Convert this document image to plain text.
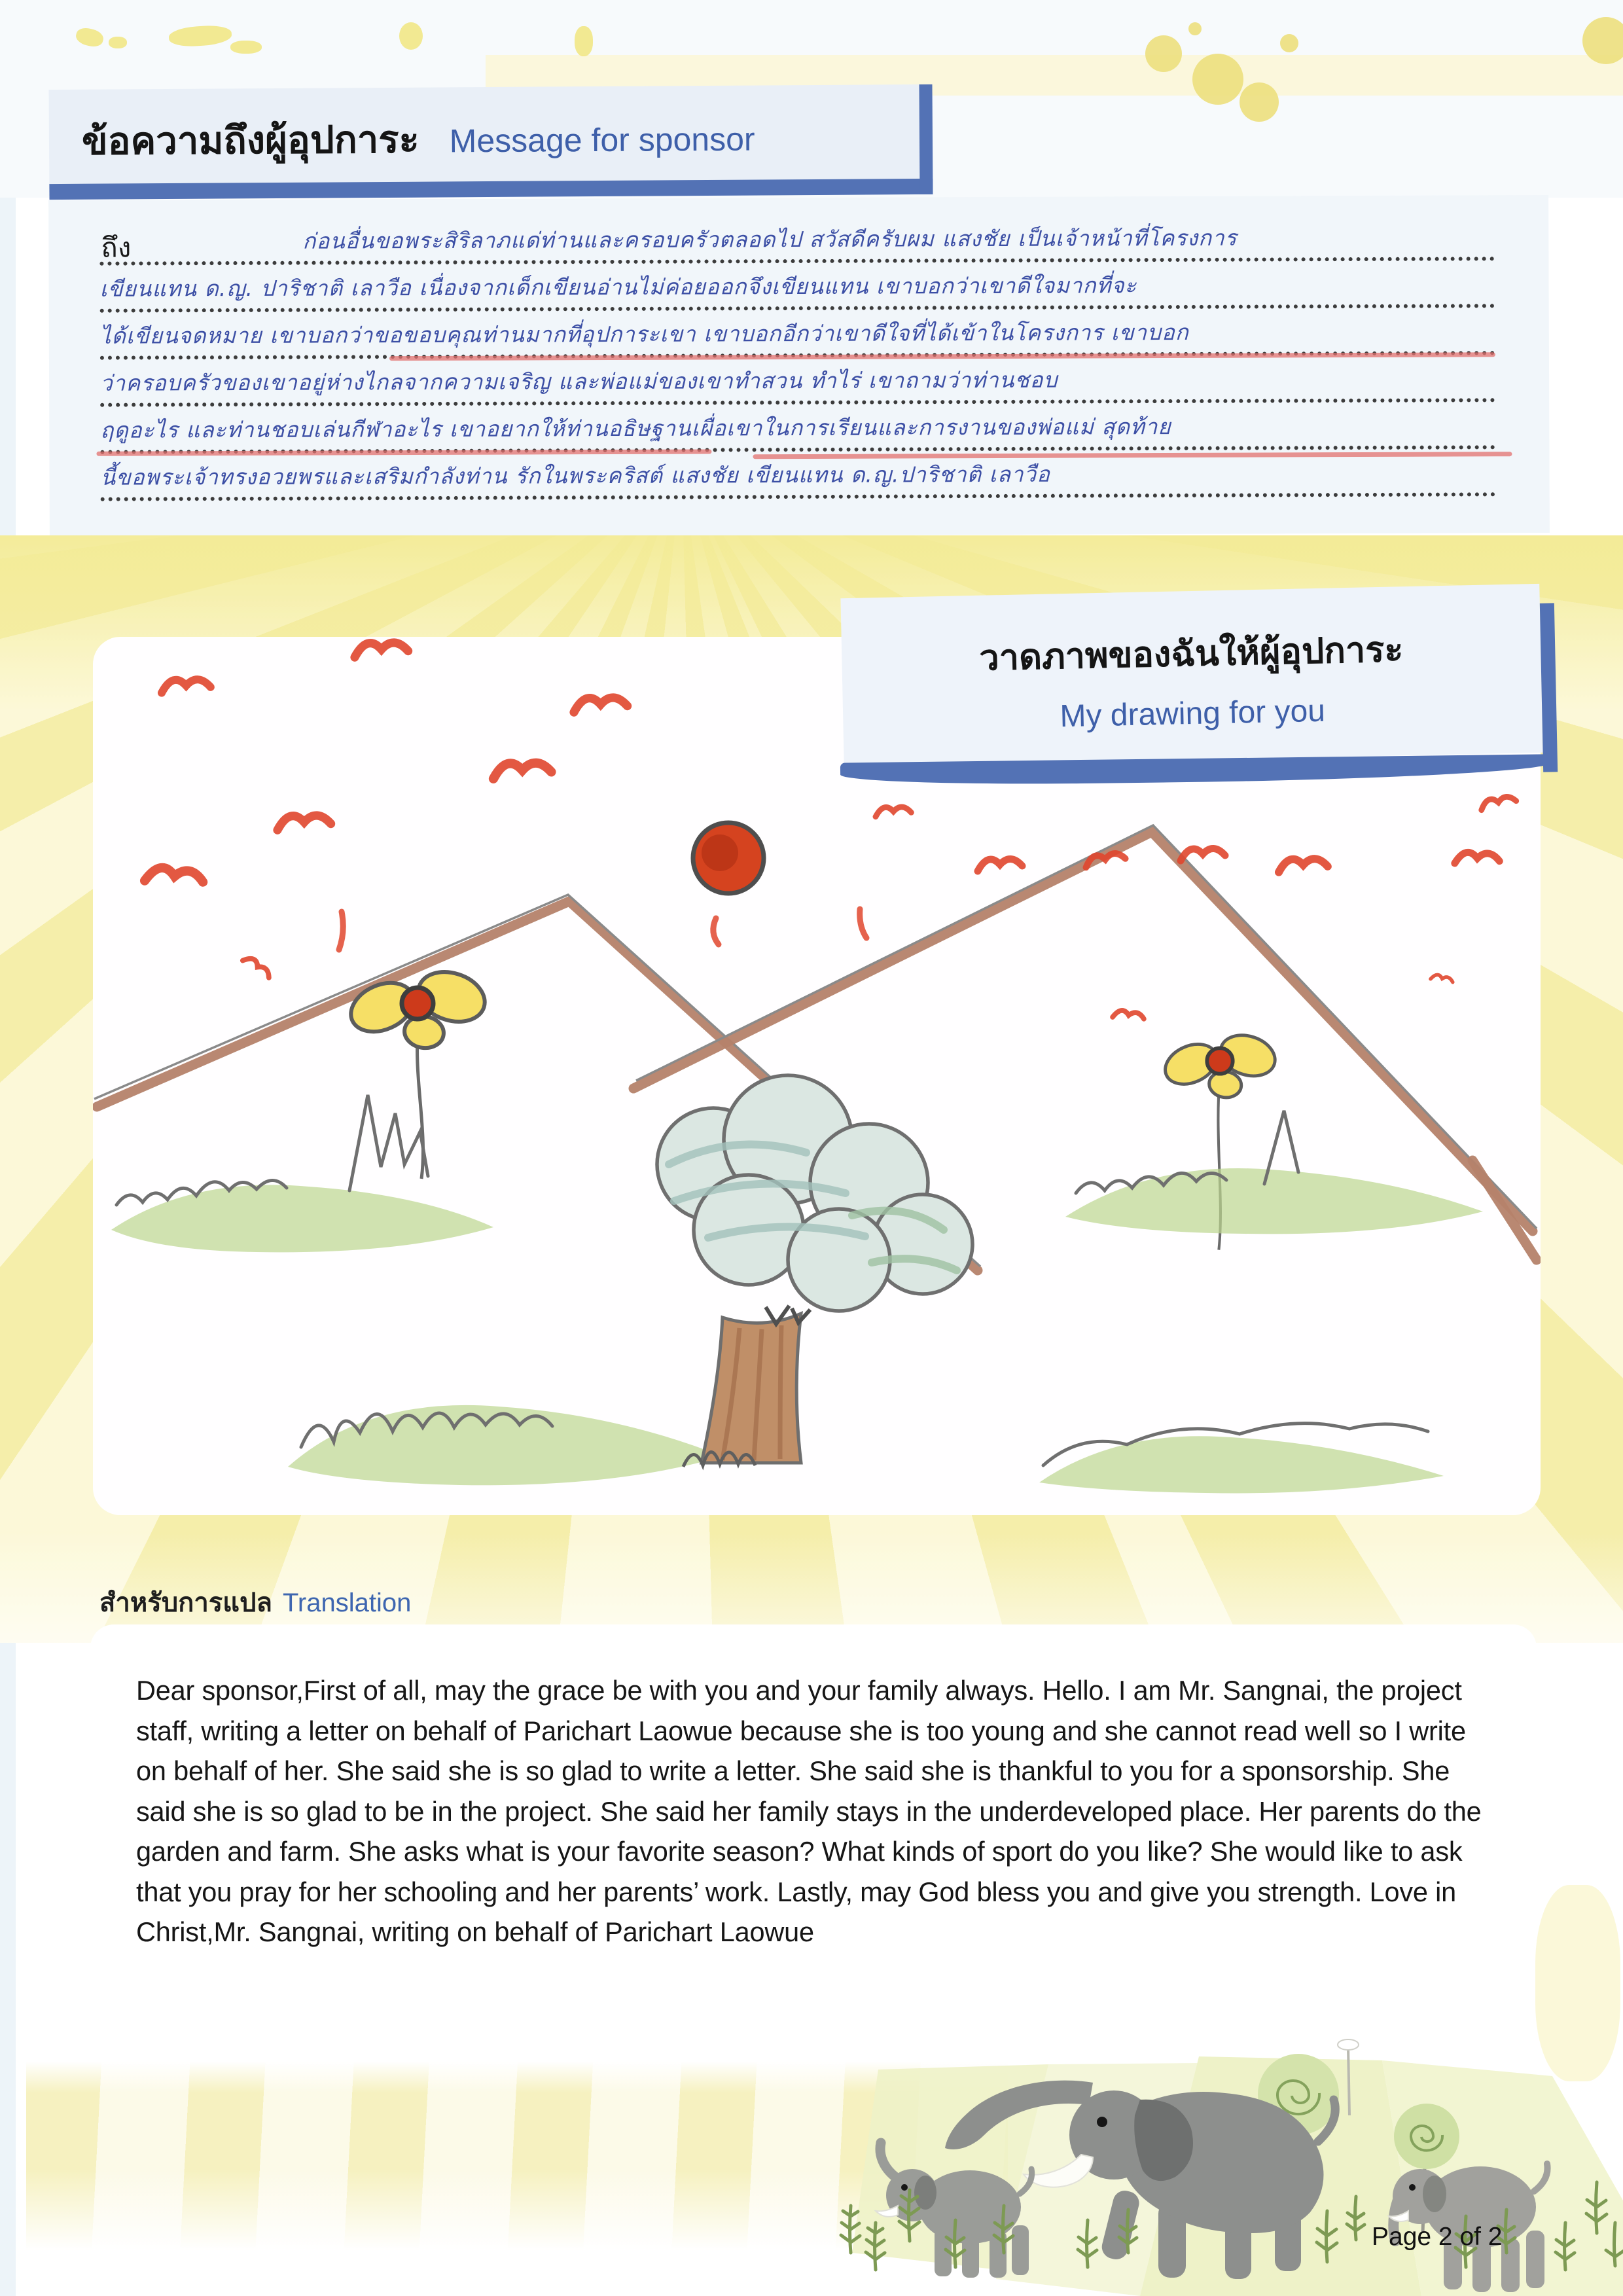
ข้อความถึงผู้อุปการะ Message for sponsor
ถึง	ก่อนอื่นขอพระสิริลาภแด่ท่านและครอบครัวตลอดไป สวัสดีครับผม แสงชัย เป็นเจ้าหน้าที่โครงการ
เขียนแทน ด.ญ. ปาริชาติ เลาวือ เนื่องจากเด็กเขียนอ่านไม่ค่อยออกจึงเขียนแทน เขาบอกว่าเขาดีใจมากที่จะ
ได้เขียนจดหมาย เขาบอกว่าขอขอบคุณท่านมากที่อุปการะเขา เขาบอกอีกว่าเขาดีใจที่ได้เข้าในโครงการ เขาบอก
ว่าครอบครัวของเขาอยู่ห่างไกลจากความเจริญ และพ่อแม่ของเขาทำสวน ทำไร่ เขาถามว่าท่านชอบ
ฤดูอะไร และท่านชอบเล่นกีฬาอะไร เขาอยากให้ท่านอธิษฐานเผื่อเขาในการเรียนและการงานของพ่อแม่ สุดท้าย
นี้ขอพระเจ้าทรงอวยพรและเสริมกำลังท่าน รักในพระคริสต์ แสงชัย เขียนแทน ด.ญ.ปาริชาติ เลาวือ
วาดภาพของฉันให้ผู้อุปการะ
My drawing for you
สำหรับการแปล Translation
Dear sponsor,First of all, may the grace be with you and your family always. Hello. I am Mr. Sangnai, the project staff, writing a letter on behalf of Parichart Laowue because she is too young and she cannot read well so I write on behalf of her. She said she is so glad to write a letter. She said she is thankful to you for a sponsorship. She said she is so glad to be in the project. She said her family stays in the underdeveloped place. Her parents do the garden and farm. She asks what is your favorite season? What kinds of sport do you like? She would like to ask that you pray for her schooling and her parents’ work. Lastly, may God bless you and give you strength. Love in Christ,Mr. Sangnai, writing on behalf of Parichart Laowue
Page 2 of 2
